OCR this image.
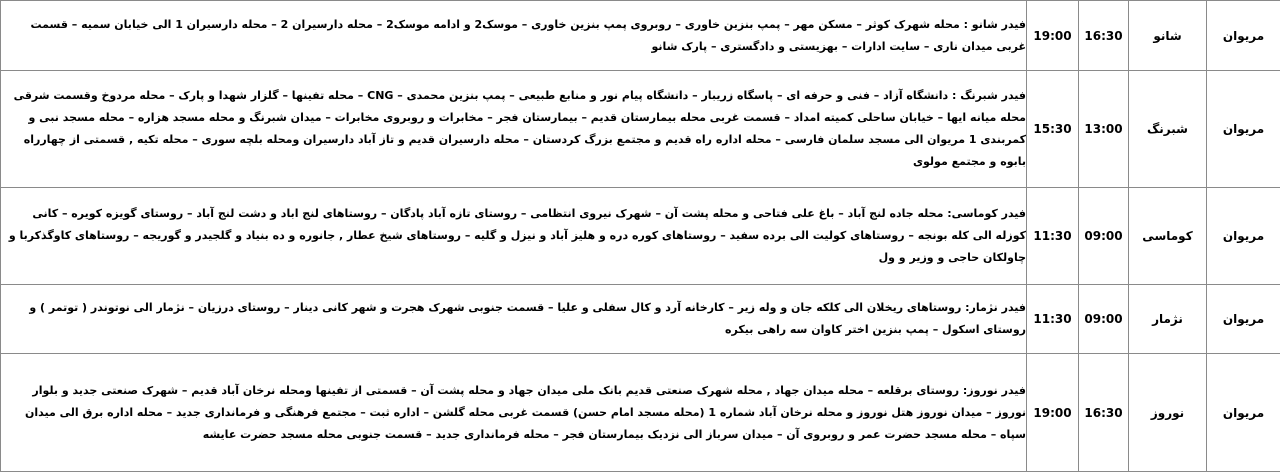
مریوان	شانو	16:30	19:00	فیدر شانو : محله شهرک کوثر – مسکن مهر – پمپ بنزین خاوری – روبروی پمپ بنزین خاوری – موسک2 و ادامه موسک2 – محله دارسیران 2 – محله دارسیران 1 الی خیابان سمیه – قسمت غربی میدان ناری – سایت ادارات – بهزیستی و دادگستری – پارک شانو
مریوان	شبرنگ	13:00	15:30	فیدر شبرنگ : دانشگاه آزاد – فنی و حرفه ای – پاسگاه زریبار – دانشگاه پیام نور و منابع طبیعی – پمپ بنزین محمدی – CNG – محله تفینها – گلزار شهدا و پارک – محله مردوخ وقسمت شرقی محله میانه ایها – خیابان ساحلی کمیته امداد – قسمت غربی محله بیمارستان قدیم – بیمارستان فجر – مخابرات و روبروی مخابرات – میدان شبرنگ و محله مسجد هزاره – محله مسجد نبی و کمربندی 1 مریوان الی مسجد سلمان فارسی – محله اداره راه قدیم و مجتمع بزرگ کردستان – محله دارسیران قدیم و تاز آباد دارسیران ومحله بلچه سوری – محله تکیه , قسمتی از چهارراه بابوه و مجتمع مولوی
مریوان	کوماسی	09:00	11:30	فیدر کوماسی: محله جاده لنج آباد – باغ علی فتاحی و محله پشت آن – شهرک نیروی انتظامی – روستای تازه آباد پادگان – روستاهای لنج اباد و دشت لنج آباد – روستای گویزه کویره – کانی کوزله الی کله بونجه – روستاهای کولیت الی برده سفید – روستاهای کوره دره و هلیز آباد و نیزل و گلیه – روستاهای شیخ عطار , جانوره و ده بنیاد و گلجیدر و گوریجه – روستاهای کاوگذکربا و چاولکان حاجی و وزیر و ول
مریوان	نژمار	09:00	11:30	فیدر نژمار: روستاهای ریخلان الی کلکه جان و وله زیر – کارخانه آرد و کال سفلی و علیا – قسمت جنوبی شهرک هجرت و شهر کانی دینار – روستای درزیان – نژمار الی نوتوندر ( توتمر ) و روستای اسکول – پمپ بنزین اختر کاوان سه راهی بیکره
مریوان	نوروز	16:30	19:00	فیدر نوروز: روستای برقلعه – محله میدان جهاد , محله شهرک صنعتی قدیم بانک ملی میدان جهاد و محله پشت آن – قسمتی از تفینها ومحله نرخان آباد قدیم – شهرک صنعتی جدید و بلوار نوروز – میدان نوروز هتل نوروز و محله نرخان آباد شماره 1 (محله مسجد امام حسن) قسمت غربی محله گلشن – اداره ثبت – مجتمع فرهنگی و فرمانداری جدید – محله اداره برق الی میدان سپاه – محله مسجد حضرت عمر و روبروی آن – میدان سرباز الی نزدیک بیمارستان فجر – محله فرمانداری جدید – قسمت جنوبی محله مسجد حضرت عایشه
